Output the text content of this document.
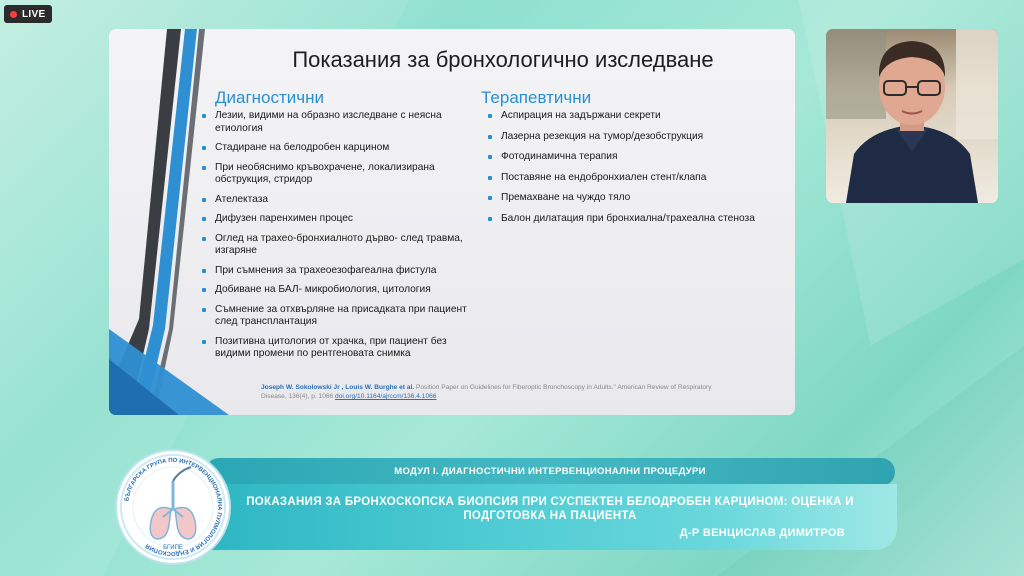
LIVE
Показания за бронхологично изследване
Диагностични	Терапевтични
Лезии, видими на образно изследване с неясна етиология
Стадиране на белодробен карцином
При необяснимо кръвохрачене, локализирана обструкция, стридор
Ателектаза
Дифузен паренхимен процес
Оглед на трахео-бронхиалното дърво- след травма, изгаряне
При съмнения за трахеоезофагеална фистула
Добиване на БАЛ- микробиология, цитология
Съмнение за отхвърляне на присадката при пациент след трансплантация
Позитивна цитология от храчка, при пациент без видими промени по рентгеновата снимка
Аспирация на задържани секрети
Лазерна резекция на тумор/дезобструкция
Фотодинамична терапия
Поставяне на ендобронхиален стент/клапа
Премахване на чуждо тяло
Балон дилатация при бронхиална/трахеална стеноза
Joseph W. Sokolowski Jr , Louis W. Burghe et al. Position Paper on Guidelines for Fiberoptic Bronchoscopy in Adults." American Review of Respiratory Disease, 136(4), p. 1066 doi.org/10.1164/ajrccm/136.4.1066
МОДУЛ І. ДИАГНОСТИЧНИ ИНТЕРВЕНЦИОНАЛНИ ПРОЦЕДУРИ
ПОКАЗАНИЯ ЗА БРОНХОСКОПСКА БИОПСИЯ ПРИ СУСПЕКТЕН БЕЛОДРОБЕН КАРЦИНОМ: ОЦЕНКА И ПОДГОТОВКА НА ПАЦИЕНТА
Д-Р ВЕНЦИСЛАВ ДИМИТРОВ
БЪЛГАРСКА ГРУПА ПО ИНТЕРВЕНЦИОНАЛНА ПУЛМОЛОГИЯ И ЕНДОСКОПИЯ	БГИПЕ
